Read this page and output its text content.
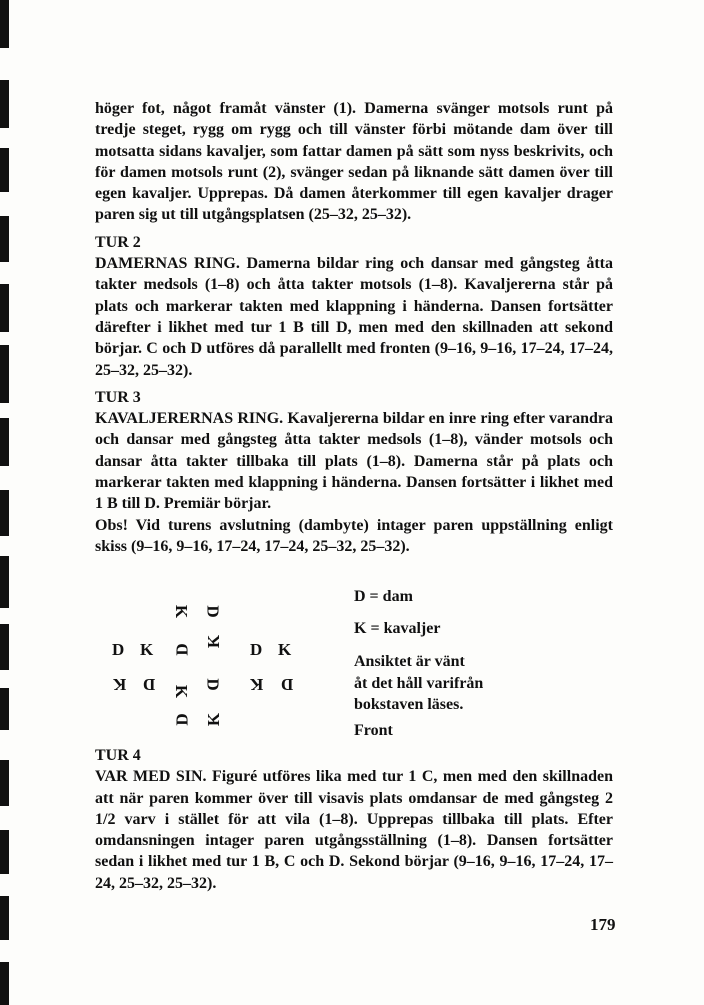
höger fot, något framåt vänster (1). Damerna svänger motsols runt på tredje steget, rygg om rygg och till vänster förbi mötande dam över till motsatta sidans kavaljer, som fattar damen på sätt som nyss beskrivits, och för damen motsols runt (2), svänger sedan på liknande sätt damen över till egen kavaljer. Upprepas. Då damen återkommer till egen kavaljer drager paren sig ut till utgångsplatsen (25–32, 25–32).

TUR 2

DAMERNAS RING. Damerna bildar ring och dansar med gångsteg åtta takter medsols (1–8) och åtta takter motsols (1–8). Kavaljererna står på plats och markerar takten med klappning i händerna. Dansen fortsätter därefter i likhet med tur 1 B till D, men med den skillnaden att sekond börjar. C och D utföres då parallellt med fronten (9–16, 9–16, 17–24, 17–24, 25–32, 25–32).

TUR 3

KAVALJERERNAS RING. Kavaljererna bildar en inre ring efter varandra och dansar med gångsteg åtta takter medsols (1–8), vänder motsols och dansar åtta takter tillbaka till plats (1–8). Damerna står på plats och markerar takten med klappning i händerna. Dansen fortsätter i likhet med 1 B till D. Premiär börjar.

Obs! Vid turens avslutning (dambyte) intager paren uppställning enligt skiss (9–16, 9–16, 17–24, 17–24, 25–32, 25–32).

K D
D K D
K D K
K D K
D K D
D K
D = dam
K = kavaljer
Ansiktet är vänt
åt det håll varifrån
bokstaven läses.
Front

TUR 4

VAR MED SIN. Figuré utföres lika med tur 1 C, men med den skillnaden att när paren kommer över till visavis plats omdansar de med gångsteg 2 1/2 varv i stället för att vila (1–8). Upprepas tillbaka till plats. Efter omdansningen intager paren utgångsställning (1–8). Dansen fortsätter sedan i likhet med tur 1 B, C och D. Sekond börjar (9–16, 9–16, 17–24, 17–24, 25–32, 25–32).

179
